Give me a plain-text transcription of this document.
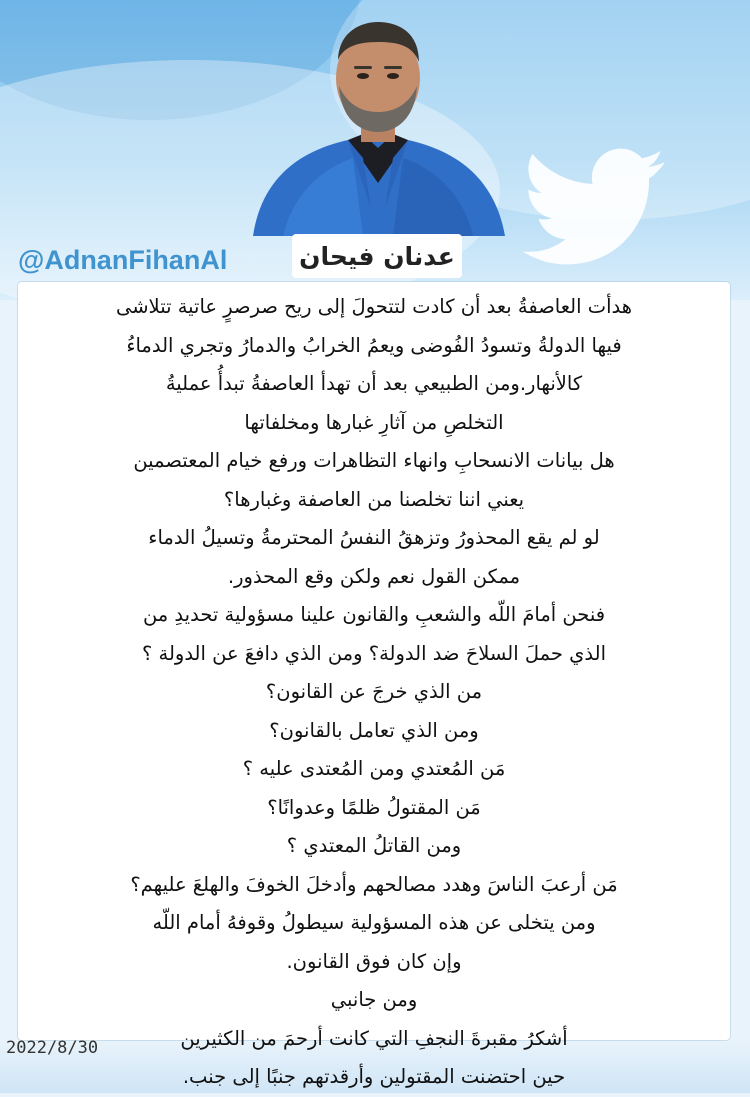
@AdnanFihanAl	عدنان فيحان
هدأت العاصفةُ بعد أن كادت لتتحولَ إلى ريح صرصرٍ عاتية تتلاشى
فيها الدولةُ وتسودُ الفُوضى ويعمُ الخرابُ والدمارُ وتجري الدماءُ
كالأنهار.ومن الطبيعي بعد أن تهدأ العاصفةُ تبدأُ عمليةُ
التخلصِ من آثارِ غبارها ومخلفاتها
هل بيانات الانسحابِ وانهاء التظاهرات ورفع خيام المعتصمين
يعني اننا تخلصنا من العاصفة وغبارها؟
لو لم يقع المحذورُ وتزهقُ النفسُ المحترمةُ وتسيلُ الدماء
ممكن القول نعم ولكن وقع المحذور.
فنحن أمامَ اللّه والشعبِ والقانون علينا مسؤولية تحديدِ من
الذي حملَ السلاحَ ضد الدولة؟ ومن الذي دافعَ عن الدولة ؟
من الذي خرجَ عن القانون؟
ومن الذي تعامل بالقانون؟
مَن المُعتدي ومن المُعتدى عليه ؟
مَن المقتولُ ظلمًا وعدوانًا؟
ومن القاتلُ المعتدي ؟
مَن أرعبَ الناسَ وهدد مصالحهم وأدخلَ الخوفَ والهلعَ عليهم؟
ومن يتخلى عن هذه المسؤولية سيطولُ وقوفهُ أمام اللّه
وإن كان فوق القانون.
ومن جانبي
أشكرُ مقبرةَ النجفِ التي كانت أرحمَ من الكثيرين
حين احتضنت المقتولين وأرقدتهم جنبًا إلى جنب.
2022/8/30
